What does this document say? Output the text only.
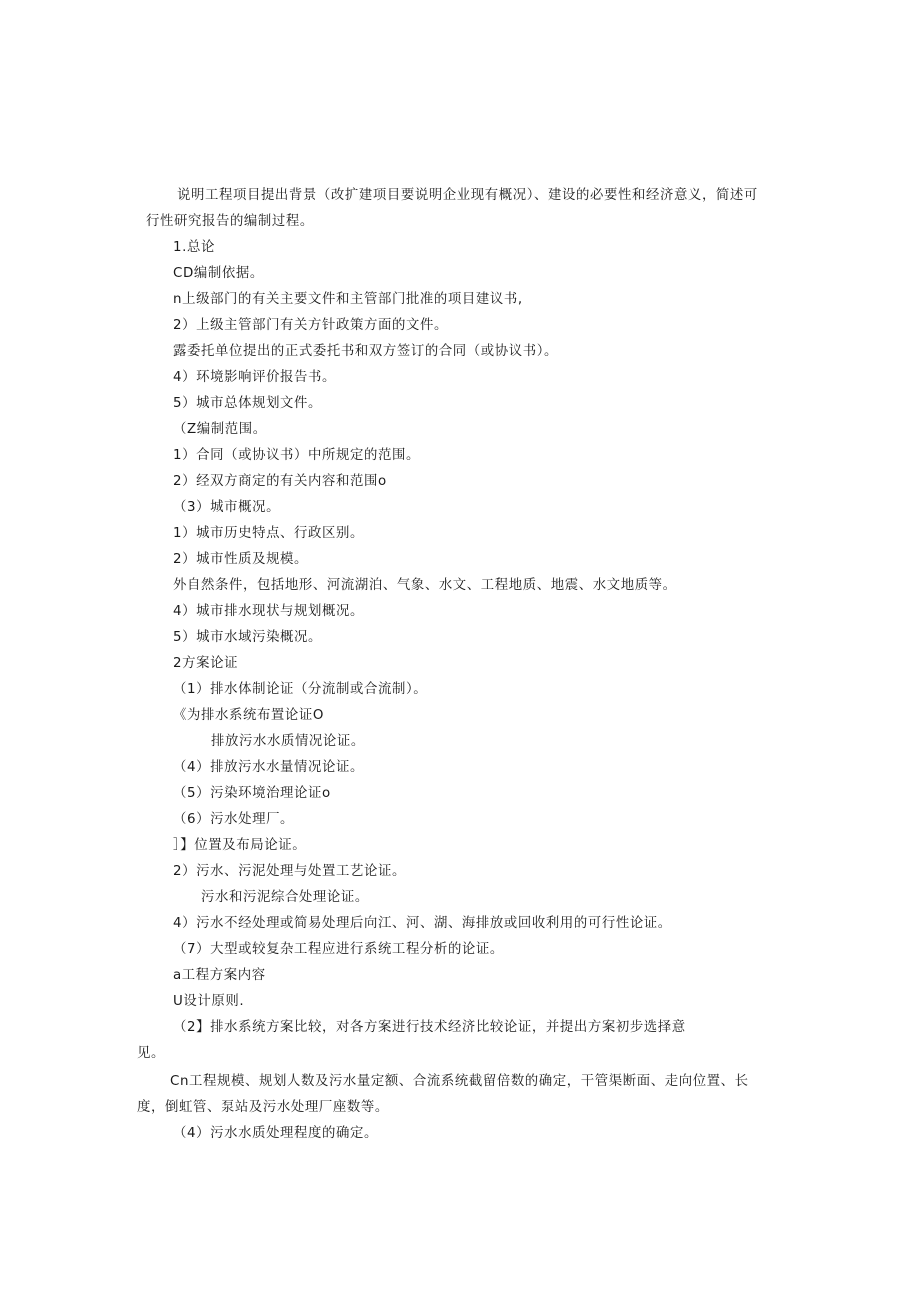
说明工程项目提出背景（改扩建项目要说明企业现有概况）、建设的必要性和经济意义，简述可
行性研究报告的编制过程。
1.总论
CD编制依据。
n上级部门的有关主要文件和主管部门批准的项目建议书,
2）上级主管部门有关方针政策方面的文件。
露委托单位提出的正式委托书和双方签订的合同（或协议书）。
4）环境影响评价报告书。
5）城市总体规划文件。
（Z编制范围。
1）合同（或协议书）中所规定的范围。
2）经双方商定的有关内容和范围o
（3）城市概况。
1）城市历史特点、行政区别。
2）城市性质及规模。
外自然条件，包括地形、河流湖泊、气象、水文、工程地质、地震、水文地质等。
4）城市排水现状与规划概况。
5）城市水域污染概况。
2方案论证
（1）排水体制论证（分流制或合流制）。
《为排水系统布置论证O
排放污水水质情况论证。
（4）排放污水水量情况论证。
（5）污染环境治理论证o
（6）污水处理厂。
］】位置及布局论证。
2）污水、污泥处理与处置工艺论证。
污水和污泥综合处理论证。
4）污水不经处理或简易处理后向江、河、湖、海排放或回收利用的可行性论证。
（7）大型或较复杂工程应进行系统工程分析的论证。
a工程方案内容
U设计原则.
（2】排水系统方案比较，对各方案进行技术经济比较论证，并提出方案初步选择意
见。
Cn工程规模、规划人数及污水量定额、合流系统截留倍数的确定，干管渠断面、走向位置、长
度，倒虹管、泵站及污水处理厂座数等。
（4）污水水质处理程度的确定。
